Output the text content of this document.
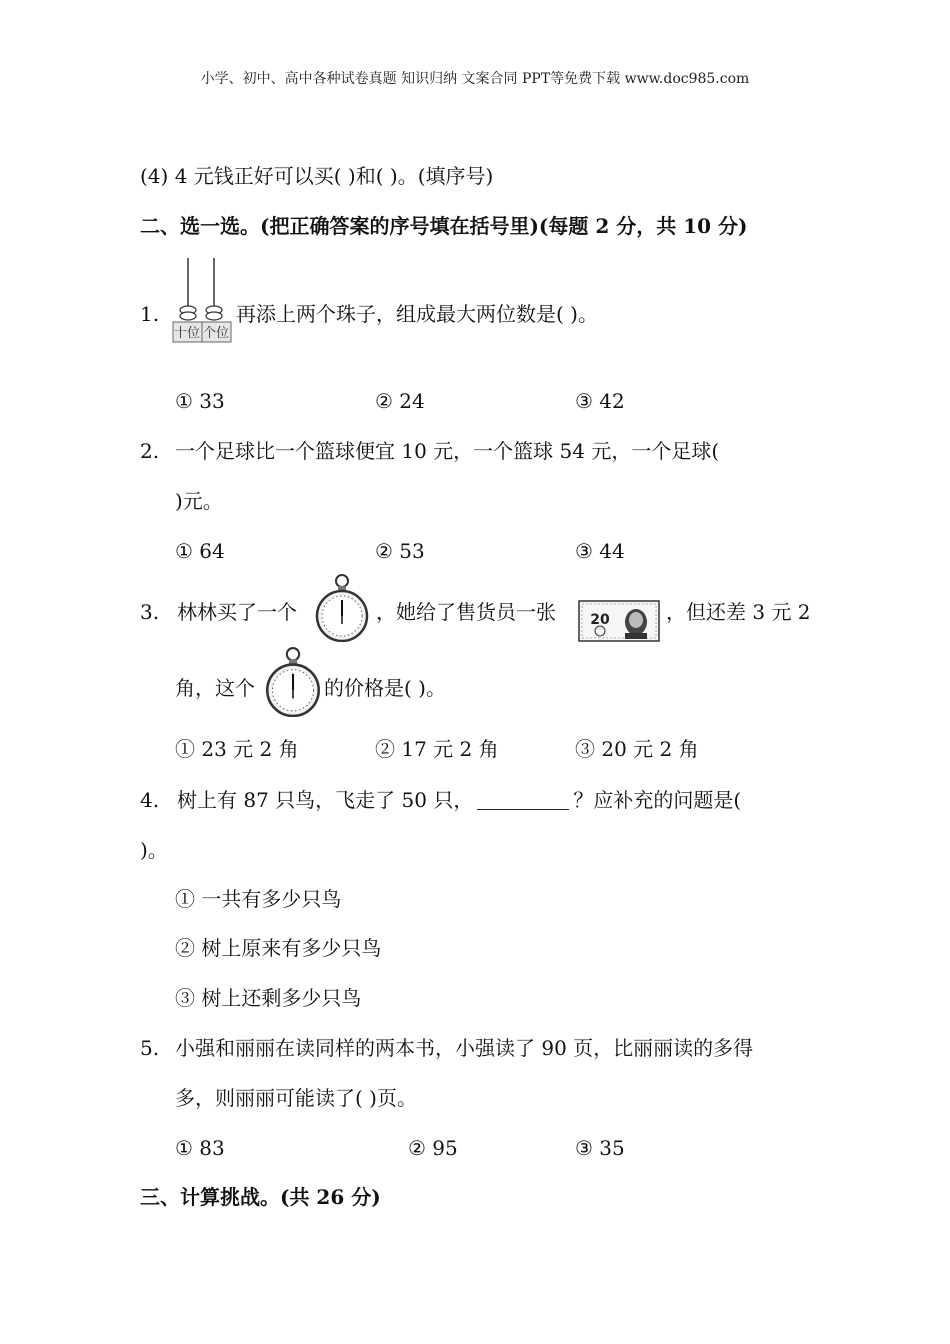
小学、初中、高中各种试卷真题 知识归纳 文案合同 PPT等免费下载 www.doc985.com
(4) 4 元钱正好可以买( )和( )。(填序号)
二、选一选。(把正确答案的序号填在括号里)(每题 2 分，共 10 分)
1.
十位 个位
再添上两个珠子，组成最大两位数是( )。
① 33	② 24	③ 42
2. 一个足球比一个篮球便宜 10 元，一个篮球 54 元，一个足球(
)元。
① 64	② 53	③ 44
3. 林林买了一个	，她给了售货员一张 20	，但还差 3 元 2
角，这个	的价格是( )。
① 23 元 2 角	② 17 元 2 角	③ 20 元 2 角
4. 树上有 87 只鸟，飞走了 50 只，	？应补充的问题是(
)。
① 一共有多少只鸟
② 树上原来有多少只鸟
③ 树上还剩多少只鸟
5. 小强和丽丽在读同样的两本书，小强读了 90 页，比丽丽读的多得
多，则丽丽可能读了( )页。
① 83	② 95	③ 35
三、计算挑战。(共 26 分)
